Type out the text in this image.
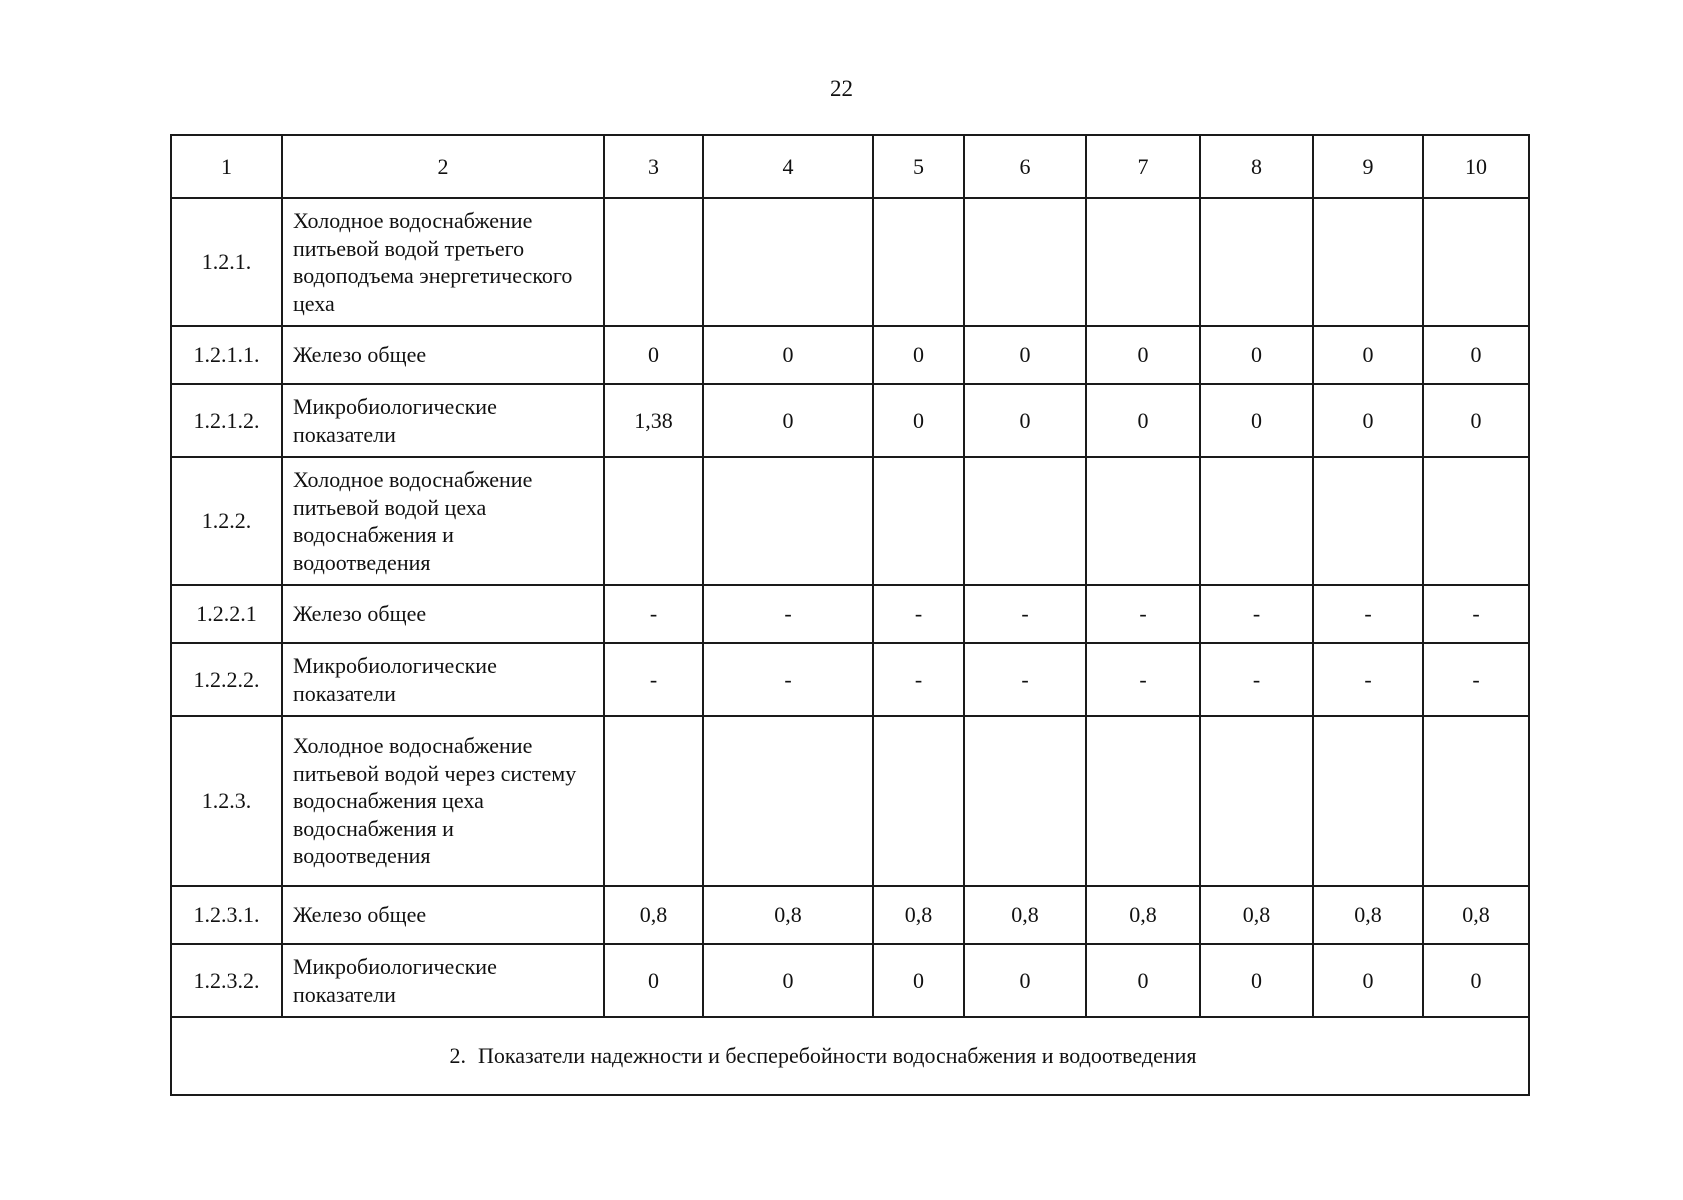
22
1	2	3	4	5	6	7	8	9	10
1.2.1.	Холодное водоснабжение питьевой водой третьего водоподъема энергетического цеха								
1.2.1.1.	Железо общее	0	0	0	0	0	0	0	0
1.2.1.2.	Микробиологические показатели	1,38	0	0	0	0	0	0	0
1.2.2.	Холодное водоснабжение питьевой водой цеха водоснабжения и водоотведения								
1.2.2.1	Железо общее	-	-	-	-	-	-	-	-
1.2.2.2.	Микробиологические показатели	-	-	-	-	-	-	-	-
1.2.3.	Холодное водоснабжение питьевой водой через систему водоснабжения цеха водоснабжения и водоотведения								
1.2.3.1.	Железо общее	0,8	0,8	0,8	0,8	0,8	0,8	0,8	0,8
1.2.3.2.	Микробиологические показатели	0	0	0	0	0	0	0	0
2. Показатели надежности и бесперебойности водоснабжения и водоотведения									
